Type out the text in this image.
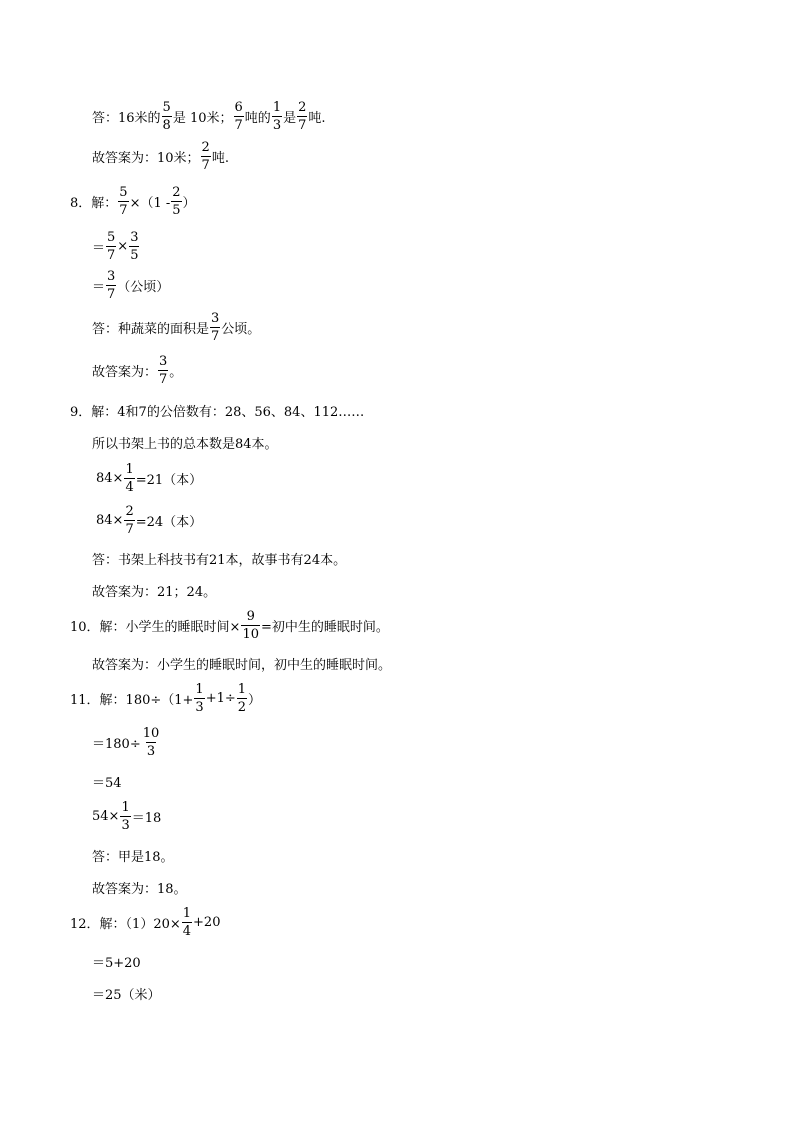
答：16米的 $\frac{5}{8}$ 是 10米； $\frac{6}{7}$ 吨的 $\frac{1}{3}$ 是 $\frac{2}{7}$ 吨.
故答案为：10米； $\frac{2}{7}$ 吨.
8．解： $\frac{5}{7} \times(1 - \frac{2}{5}$ ）
＝ $\frac{5}{7} \times \frac{3}{5}$
＝ $\frac{3}{7}$ （公顷）
答：种蔬菜的面积是 $\frac{3}{7}$ 公顷。
故答案为： $\frac{3}{7}$ 。
9．解：4和7的公倍数有：28、56、84、112……
所以书架上书的总本数是84本。
$84\times \frac{1}{4} =21$（本）
$84\times \frac{2}{7} =24$（本）
答：书架上科技书有21本，故事书有24本。
故答案为：21；24。
10．解：小学生的睡眠时间× $\frac{9}{10}$ =初中生的睡眠时间。
故答案为：小学生的睡眠时间，初中生的睡眠时间。
11．解：$180\div(1+ \frac{1}{3} +1\div \frac{1}{2}$ ）
$=180\div \frac{10}{3}$
＝54
$54\times \frac{1}{3} =18$
答：甲是18。
故答案为：18。
12．解：$(1)20\times \frac{1}{4} +20$
＝5+20
＝25（米）
